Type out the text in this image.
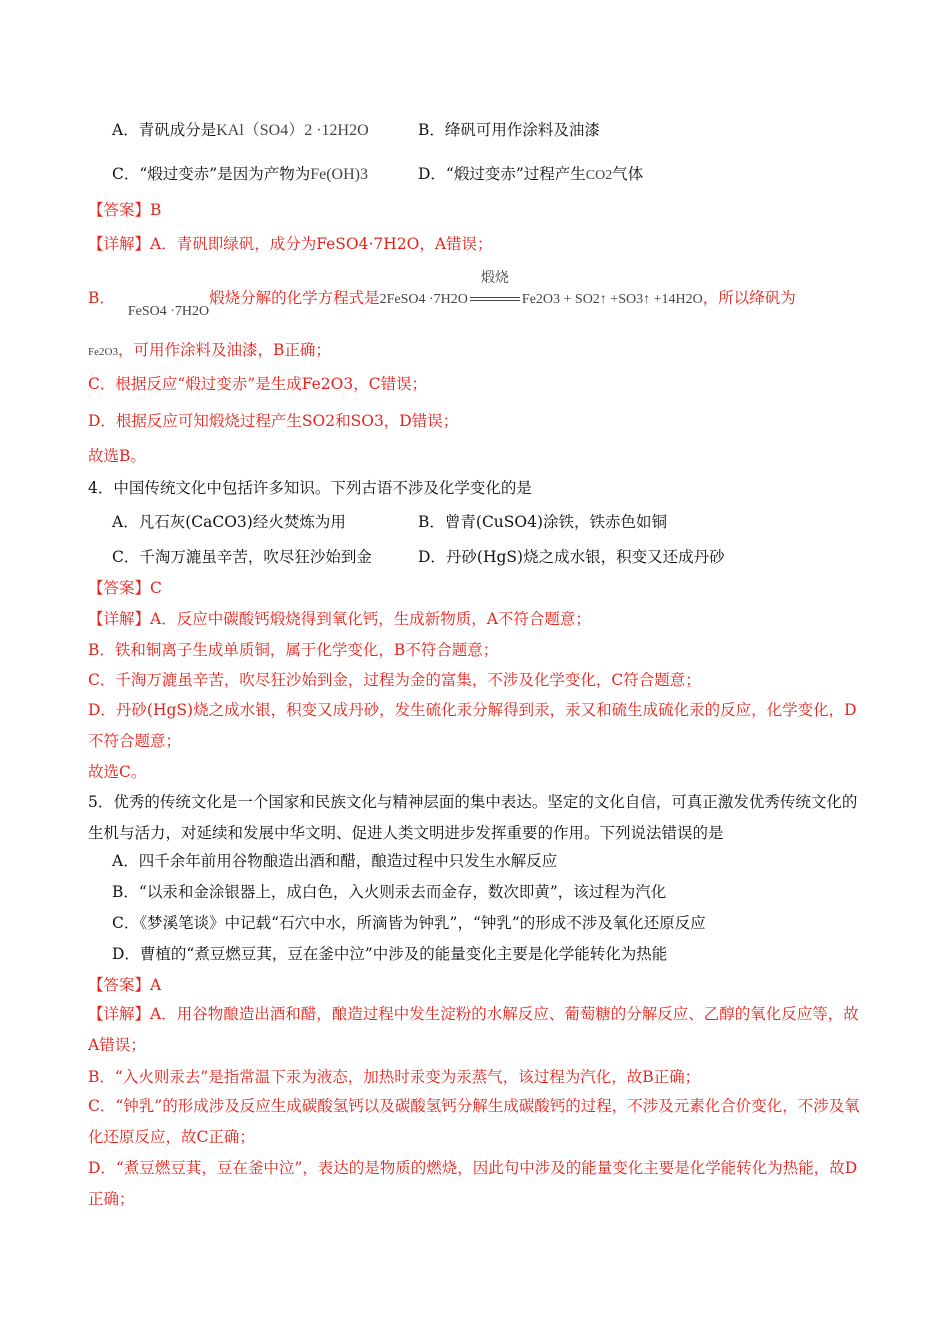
A．青矾成分是KAl（SO4）2 ·12H2O	B．绛矾可用作涂料及油漆
C．“煅过变赤”是因为产物为Fe(OH)3	D．“煅过变赤”过程产生CO2气体
【答案】B
【详解】A．青矾即绿矾，成分为FeSO4·7H2O，A错误；
B． FeSO4 ·7H2O煅烧分解的化学方程式是2FeSO4 ·7H2O
煅烧
Fe2O3 + SO2↑ +SO3↑ +14H2O，所以绛矾为
Fe2O3，可用作涂料及油漆，B正确；
C．根据反应“煅过变赤”是生成Fe2O3，C错误；
D．根据反应可知煅烧过程产生SO2和SO3，D错误；
故选B。
4．中国传统文化中包括许多知识。下列古语不涉及化学变化的是
A．凡石灰(CaCO3)经火焚炼为用	B．曾青(CuSO4)涂铁，铁赤色如铜
C．千淘万漉虽辛苦，吹尽狂沙始到金	D．丹砂(HgS)烧之成水银，积变又还成丹砂
【答案】C
【详解】A．反应中碳酸钙煅烧得到氧化钙，生成新物质，A不符合题意；
B．铁和铜离子生成单质铜，属于化学变化，B不符合题意；
C．千淘万漉虽辛苦，吹尽狂沙始到金，过程为金的富集，不涉及化学变化，C符合题意；
D．丹砂(HgS)烧之成水银，积变又成丹砂，发生硫化汞分解得到汞，汞又和硫生成硫化汞的反应，化学变化，D不符合题意；
故选C。
5．优秀的传统文化是一个国家和民族文化与精神层面的集中表达。坚定的文化自信，可真正激发优秀传统文化的生机与活力，对延续和发展中华文明、促进人类文明进步发挥重要的作用。下列说法错误的是
A．四千余年前用谷物酿造出酒和醋，酿造过程中只发生水解反应
B．“以汞和金涂银器上，成白色，入火则汞去而金存，数次即黄”，该过程为汽化
C．《梦溪笔谈》中记载“石穴中水，所滴皆为钟乳”，“钟乳”的形成不涉及氧化还原反应
D．曹植的“煮豆燃豆萁，豆在釜中泣”中涉及的能量变化主要是化学能转化为热能
【答案】A
【详解】A．用谷物酿造出酒和醋，酿造过程中发生淀粉的水解反应、葡萄糖的分解反应、乙醇的氧化反应等，故A错误；
B．“入火则汞去”是指常温下汞为液态，加热时汞变为汞蒸气，该过程为汽化，故B正确；
C．“钟乳”的形成涉及反应生成碳酸氢钙以及碳酸氢钙分解生成碳酸钙的过程，不涉及元素化合价变化，不涉及氧化还原反应，故C正确；
D．“煮豆燃豆萁，豆在釜中泣”，表达的是物质的燃烧，因此句中涉及的能量变化主要是化学能转化为热能，故D正确；
